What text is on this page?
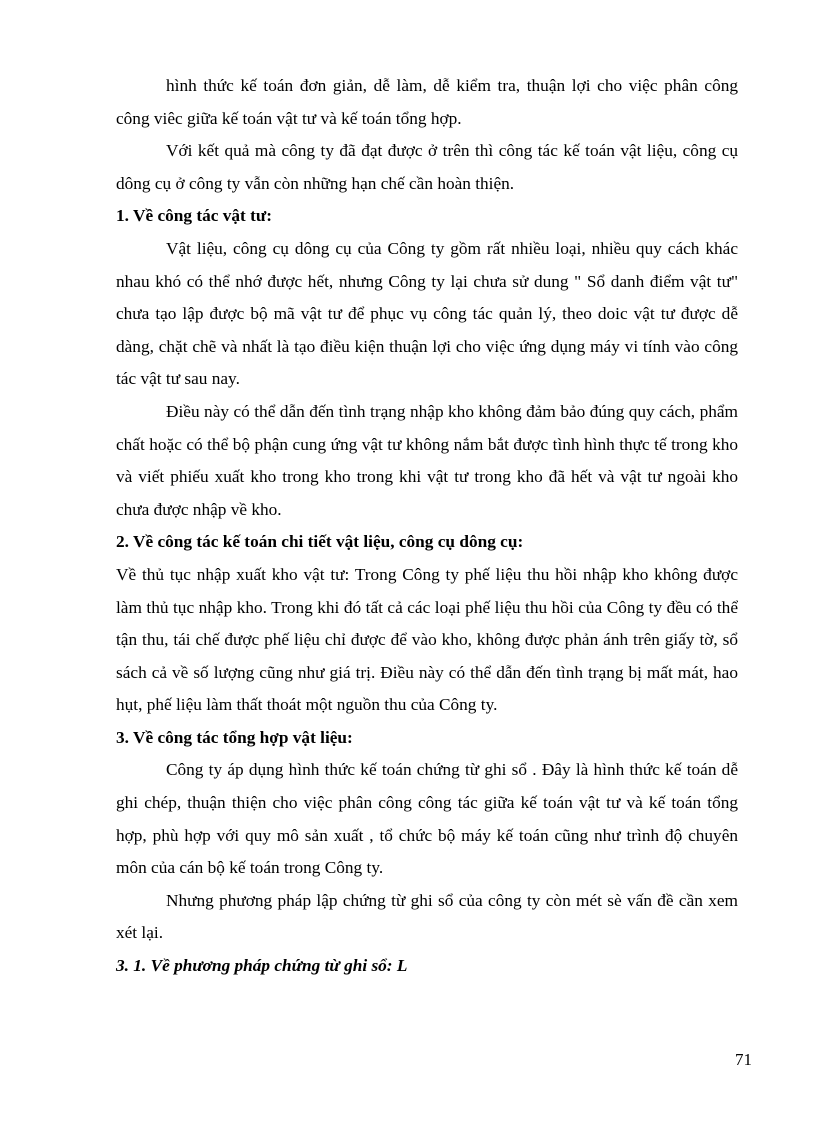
hình thức kế toán đơn giản, dễ làm, dễ kiểm tra, thuận lợi cho việc phân công công viêc giữa kế toán vật tư và kế toán tổng hợp.

Với kết quả mà công ty đã đạt được ở trên thì công tác kế toán vật liệu, công cụ dông cụ ở công ty vẫn còn những hạn chế cần hoàn thiện.

1. Về công tác vật tư:

Vật liệu, công cụ dông cụ của Công ty gồm rất nhiều loại, nhiều quy cách khác nhau khó có thể nhớ được hết, nhưng Công ty lại chưa sử dung " Sổ danh điểm vật tư" chưa tạo lập được bộ mã vật tư để phục vụ công tác quản lý, theo doic vật tư được dễ dàng, chặt chẽ và nhất là tạo điều kiện thuận lợi cho việc ứng dụng máy vi tính vào công tác vật tư sau nay.

Điều này có thể dẫn đến tình trạng nhập kho không đảm bảo đúng quy cách, phẩm chất hoặc có thể bộ phận cung ứng vật tư không nắm bắt được tình hình thực tế trong kho và viết phiếu xuất kho trong kho trong khi vật tư trong kho đã hết và vật tư ngoài kho chưa được nhập về kho.

2. Về công tác kế toán chi tiết vật liệu, công cụ dông cụ:

Về thủ tục nhập xuất kho vật tư: Trong Công ty phế liệu thu hồi nhập kho không được làm thủ tục nhập kho. Trong khi đó tất cả các loại phế liệu thu hồi của Công ty đều có thể tận thu, tái chế được phế liệu chỉ được để vào kho, không được phản ánh trên giấy tờ, sổ sách cả về số lượng cũng như giá trị. Điều này có thể dẫn đến tình trạng bị mất mát, hao hụt, phế liệu làm thất thoát một nguồn thu của Công ty.

3. Về công tác tổng hợp vật liệu:

Công ty áp dụng hình thức kế toán chứng từ ghi sổ . Đây là hình thức kế toán dễ ghi chép, thuận thiện cho việc phân công công tác giữa kế toán vật tư và kế toán tổng hợp, phù hợp với quy mô sản xuất , tổ chức bộ máy kế toán cũng như trình độ chuyên môn của cán bộ kế toán trong Công ty.

Nhưng phương pháp lập chứng từ ghi sổ của công ty còn mét sè vấn đề cần xem xét lại.

3. 1. Về phương pháp chứng từ ghi sổ: L

71
